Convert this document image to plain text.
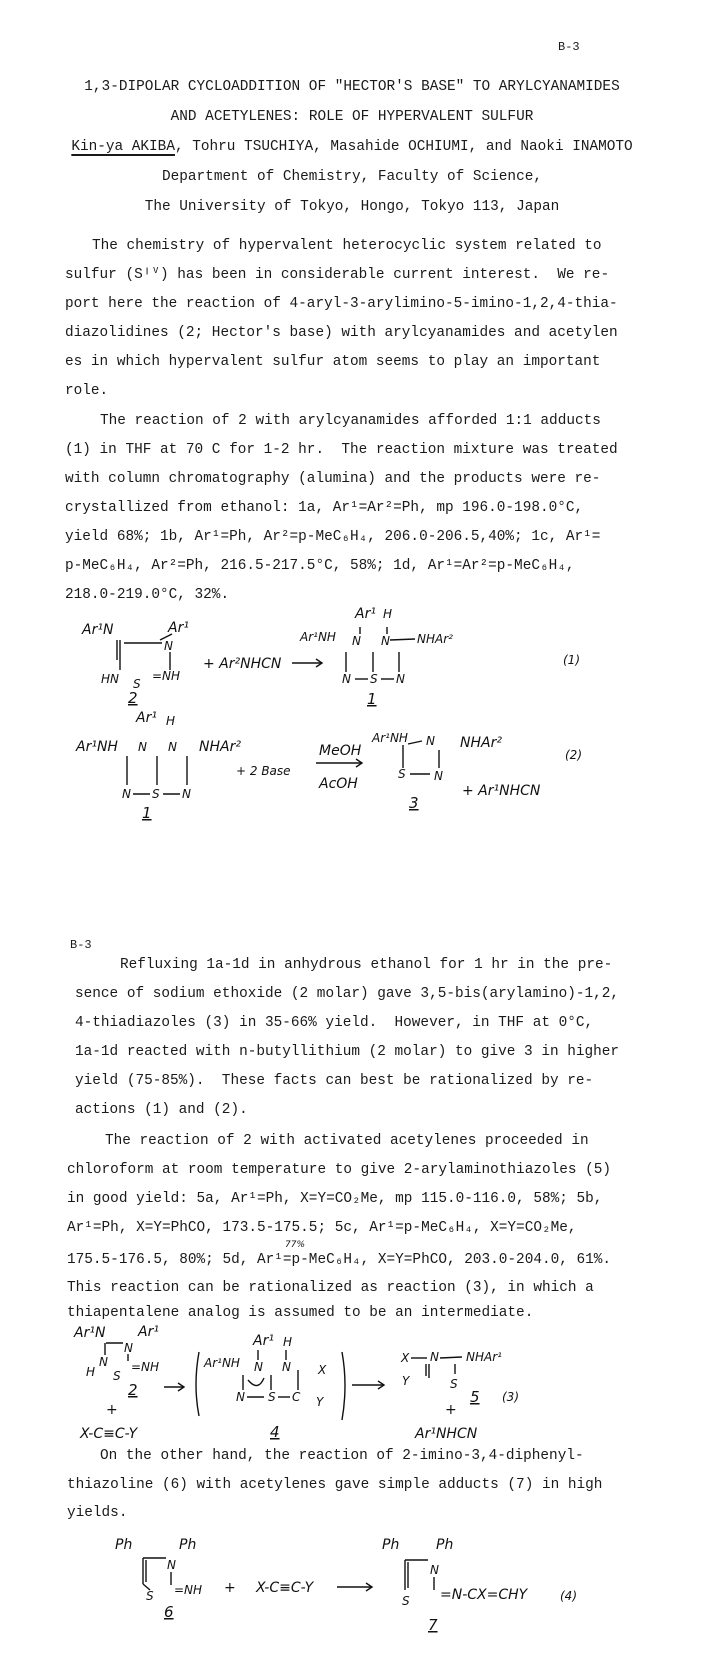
B-3
1,3-DIPOLAR CYCLOADDITION OF "HECTOR'S BASE" TO ARYLCYANAMIDES
AND ACETYLENES: ROLE OF HYPERVALENT SULFUR
Kin-ya AKIBA, Tohru TSUCHIYA, Masahide OCHIUMI, and Naoki INAMOTO
Department of Chemistry, Faculty of Science,
The University of Tokyo, Hongo, Tokyo 113, Japan
The chemistry of hypervalent heterocyclic system related to
sulfur (Sᴵⱽ) has been in considerable current interest.  We re-
port here the reaction of 4-aryl-3-arylimino-5-imino-1,2,4-thia-
diazolidines (2; Hector's base) with arylcyanamides and acetylen
es in which hypervalent sulfur atom seems to play an important
role.
The reaction of 2 with arylcyanamides afforded 1:1 adducts
(1) in THF at 70 C for 1-2 hr.  The reaction mixture was treated
with column chromatography (alumina) and the products were re-
crystallized from ethanol: 1a, Ar¹=Ar²=Ph, mp 196.0-198.0°C,
yield 68%; 1b, Ar¹=Ph, Ar²=p-MeC₆H₄, 206.0-206.5,40%; 1c, Ar¹=
p-MeC₆H₄, Ar²=Ph, 216.5-217.5°C, 58%; 1d, Ar¹=Ar²=p-MeC₆H₄,
218.0-219.0°C, 32%.
B-3
Refluxing 1a-1d in anhydrous ethanol for 1 hr in the pre-
sence of sodium ethoxide (2 molar) gave 3,5-bis(arylamino)-1,2,
4-thiadiazoles (3) in 35-66% yield.  However, in THF at 0°C,
1a-1d reacted with n-butyllithium (2 molar) to give 3 in higher
yield (75-85%).  These facts can best be rationalized by re-
actions (1) and (2).
The reaction of 2 with activated acetylenes proceeded in
chloroform at room temperature to give 2-arylaminothiazoles (5)
in good yield: 5a, Ar¹=Ph, X=Y=CO₂Me, mp 115.0-116.0, 58%; 5b,
Ar¹=Ph, X=Y=PhCO, 173.5-175.5; 5c, Ar¹=p-MeC₆H₄, X=Y=CO₂Me,
175.5-176.5, 80%; 5d, Ar¹=p-MeC₆H₄, X=Y=PhCO, 203.0-204.0, 61%.
This reaction can be rationalized as reaction (3), in which a
thiapentalene analog is assumed to be an intermediate.
On the other hand, the reaction of 2-imino-3,4-diphenyl-
thiazoline (6) with acetylenes gave simple adducts (7) in high
yields.
Ar¹N	Ar¹
N
HN S
=NH
2
+ Ar²NHCN
Ar¹ H
Ar¹NH N N NHAr²
N S N
1
(1)
Ar¹ H
Ar¹NH N N NHAr²
N S N
1
+ 2 Base
MeOH
AcOH
Ar¹NH N NHAr²
S N
3
(2)
+ Ar¹NHCN
77%
Ar¹N Ar¹
N
H
N
S
=NH
2
+
X-C≡C-Y
Ar¹ H
Ar¹NH N N X
N S C Y
4
X N NHAr¹
Y	S
+
5 (3)
Ar¹NHCN
Ph	Ph
N
S =NH
6
+ X-C≡C-Y
Ph	Ph
N
S =N-CX=CHY	(4)
7
